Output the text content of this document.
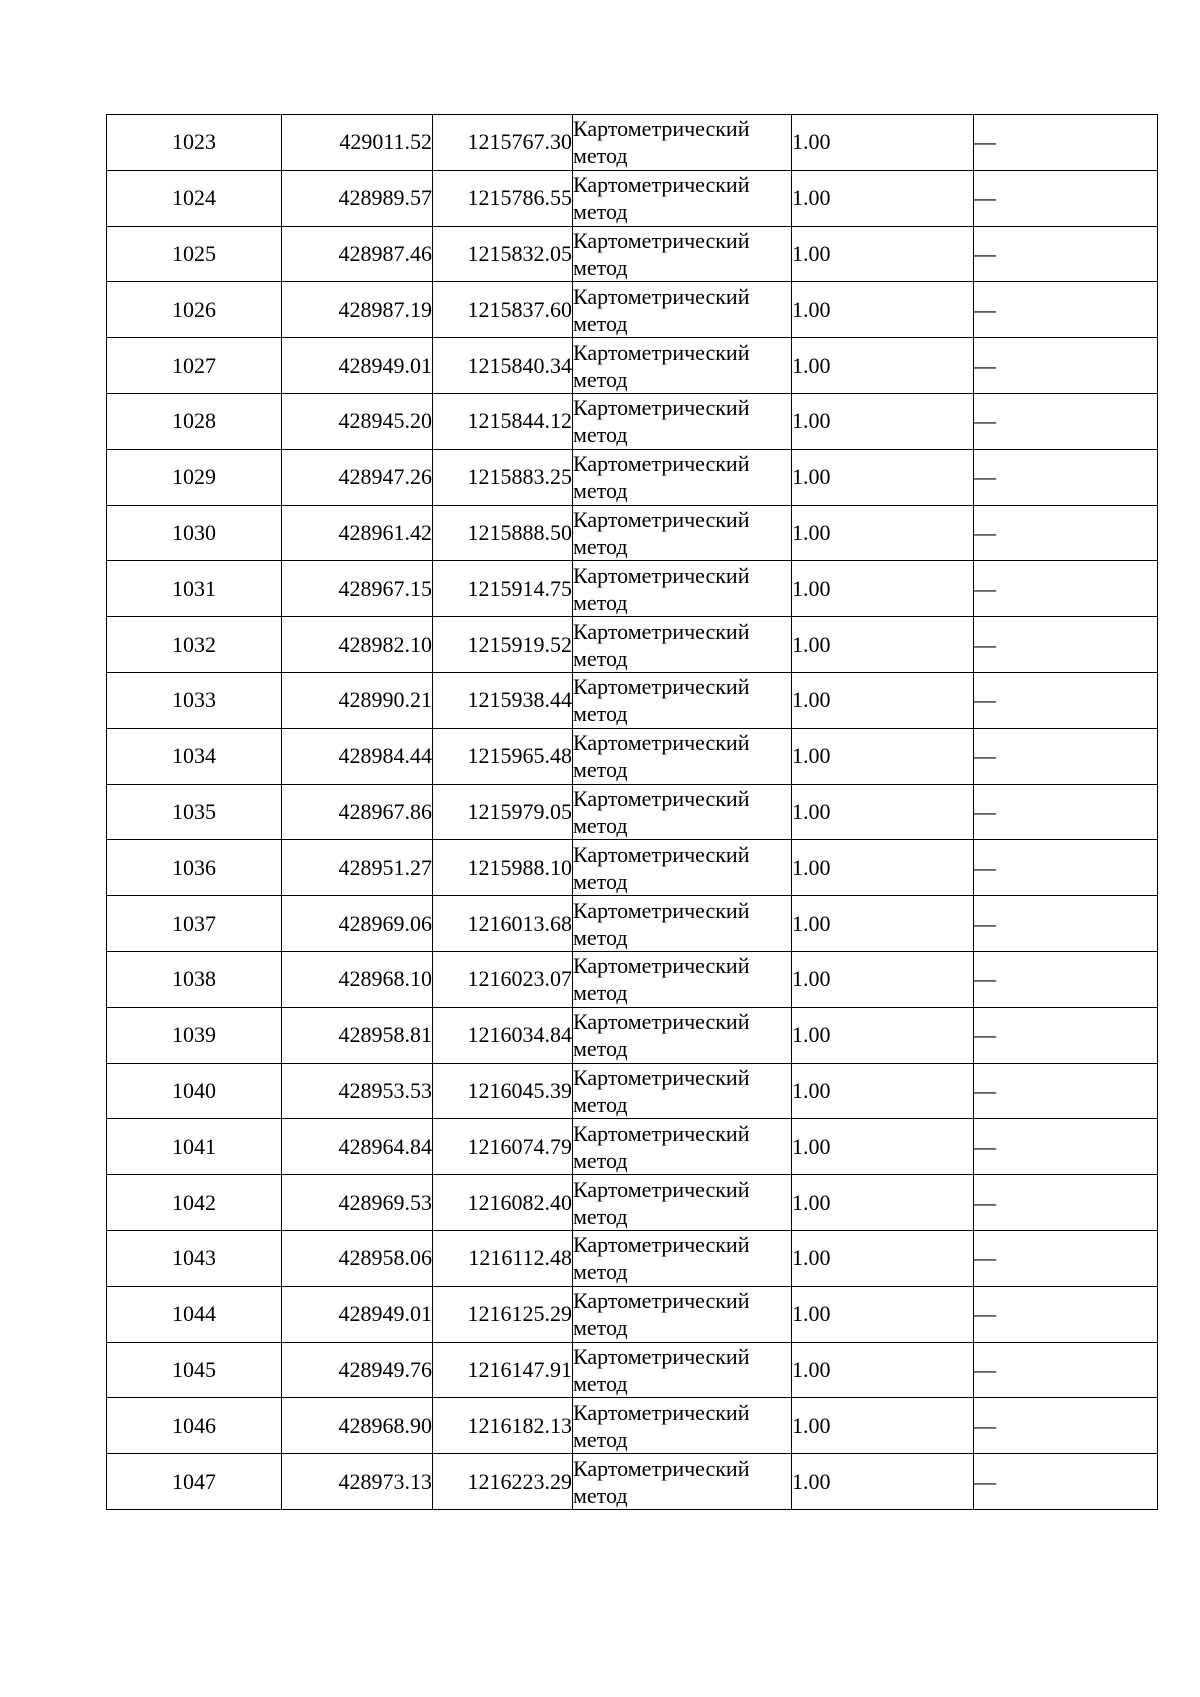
1023	429011.52	1215767.30	Картометрический метод	1.00	—
1024	428989.57	1215786.55	Картометрический метод	1.00	—
1025	428987.46	1215832.05	Картометрический метод	1.00	—
1026	428987.19	1215837.60	Картометрический метод	1.00	—
1027	428949.01	1215840.34	Картометрический метод	1.00	—
1028	428945.20	1215844.12	Картометрический метод	1.00	—
1029	428947.26	1215883.25	Картометрический метод	1.00	—
1030	428961.42	1215888.50	Картометрический метод	1.00	—
1031	428967.15	1215914.75	Картометрический метод	1.00	—
1032	428982.10	1215919.52	Картометрический метод	1.00	—
1033	428990.21	1215938.44	Картометрический метод	1.00	—
1034	428984.44	1215965.48	Картометрический метод	1.00	—
1035	428967.86	1215979.05	Картометрический метод	1.00	—
1036	428951.27	1215988.10	Картометрический метод	1.00	—
1037	428969.06	1216013.68	Картометрический метод	1.00	—
1038	428968.10	1216023.07	Картометрический метод	1.00	—
1039	428958.81	1216034.84	Картометрический метод	1.00	—
1040	428953.53	1216045.39	Картометрический метод	1.00	—
1041	428964.84	1216074.79	Картометрический метод	1.00	—
1042	428969.53	1216082.40	Картометрический метод	1.00	—
1043	428958.06	1216112.48	Картометрический метод	1.00	—
1044	428949.01	1216125.29	Картометрический метод	1.00	—
1045	428949.76	1216147.91	Картометрический метод	1.00	—
1046	428968.90	1216182.13	Картометрический метод	1.00	—
1047	428973.13	1216223.29	Картометрический метод	1.00	—
